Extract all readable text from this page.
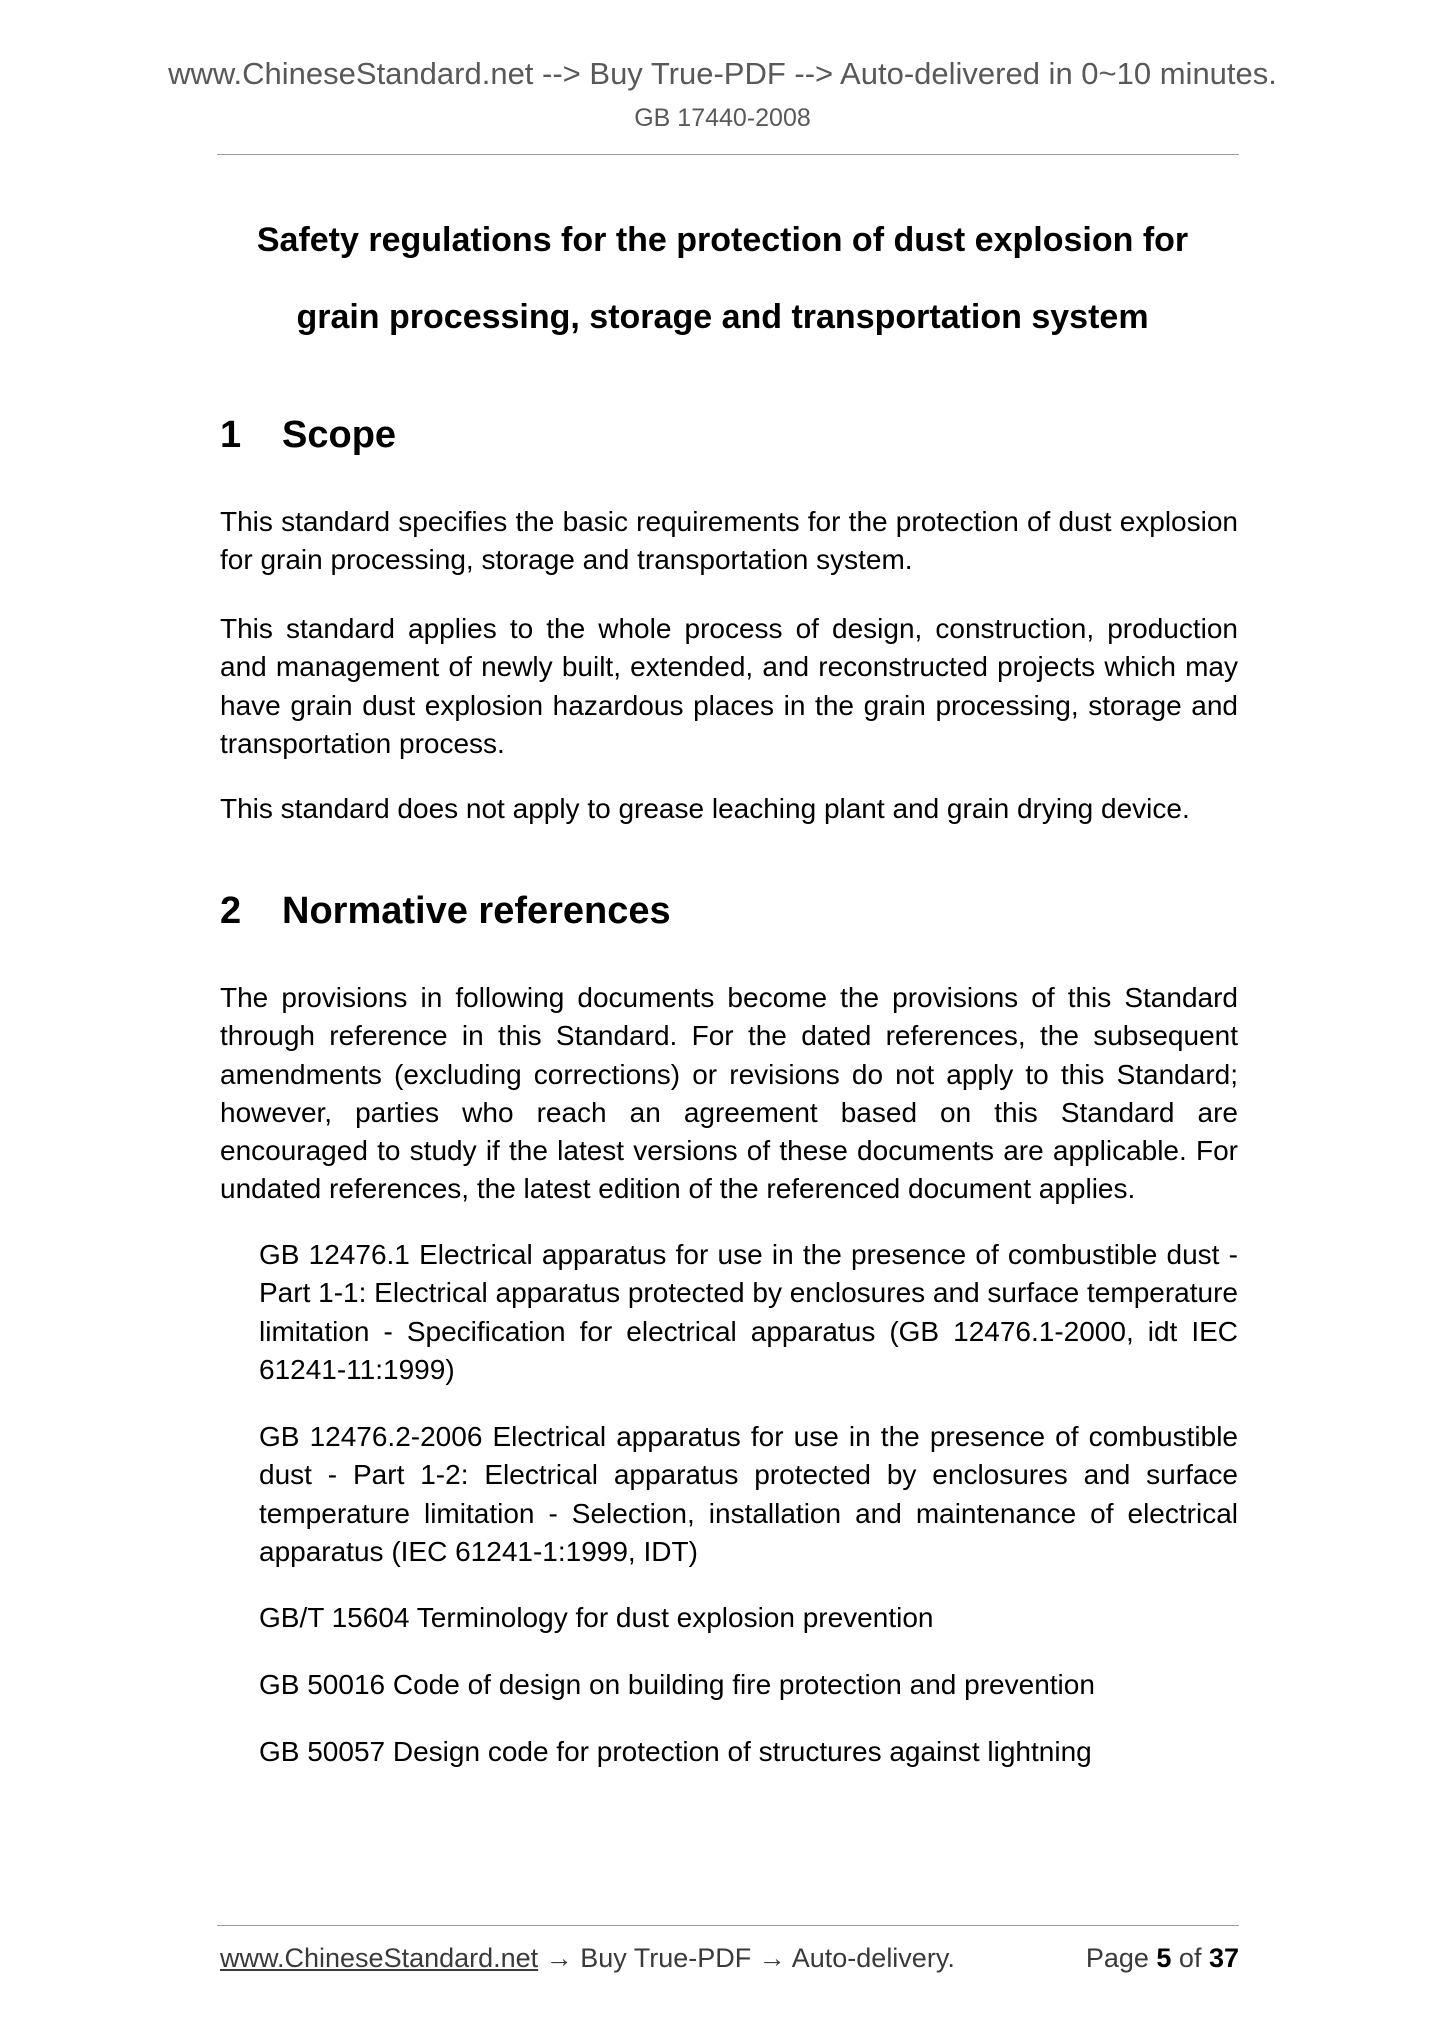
www.ChineseStandard.net --> Buy True-PDF --> Auto-delivered in 0~10 minutes.
GB 17440-2008
Safety regulations for the protection of dust explosion for
grain processing, storage and transportation system
1 Scope

This standard specifies the basic requirements for the protection of dust explosion for grain processing, storage and transportation system.

This standard applies to the whole process of design, construction, production and management of newly built, extended, and reconstructed projects which may have grain dust explosion hazardous places in the grain processing, storage and transportation process.

This standard does not apply to grease leaching plant and grain drying device.

2 Normative references

The provisions in following documents become the provisions of this Standard through reference in this Standard. For the dated references, the subsequent amendments (excluding corrections) or revisions do not apply to this Standard; however, parties who reach an agreement based on this Standard are encouraged to study if the latest versions of these documents are applicable. For undated references, the latest edition of the referenced document applies.

GB 12476.1 Electrical apparatus for use in the presence of combustible dust - Part 1-1: Electrical apparatus protected by enclosures and surface temperature limitation - Specification for electrical apparatus (GB 12476.1-2000, idt IEC 61241-11:1999)

GB 12476.2-2006 Electrical apparatus for use in the presence of combustible dust - Part 1-2: Electrical apparatus protected by enclosures and surface temperature limitation - Selection, installation and maintenance of electrical apparatus (IEC 61241-1:1999, IDT)

GB/T 15604 Terminology for dust explosion prevention

GB 50016 Code of design on building fire protection and prevention

GB 50057 Design code for protection of structures against lightning

www.ChineseStandard.net → Buy True-PDF → Auto-delivery.	Page 5 of 37
